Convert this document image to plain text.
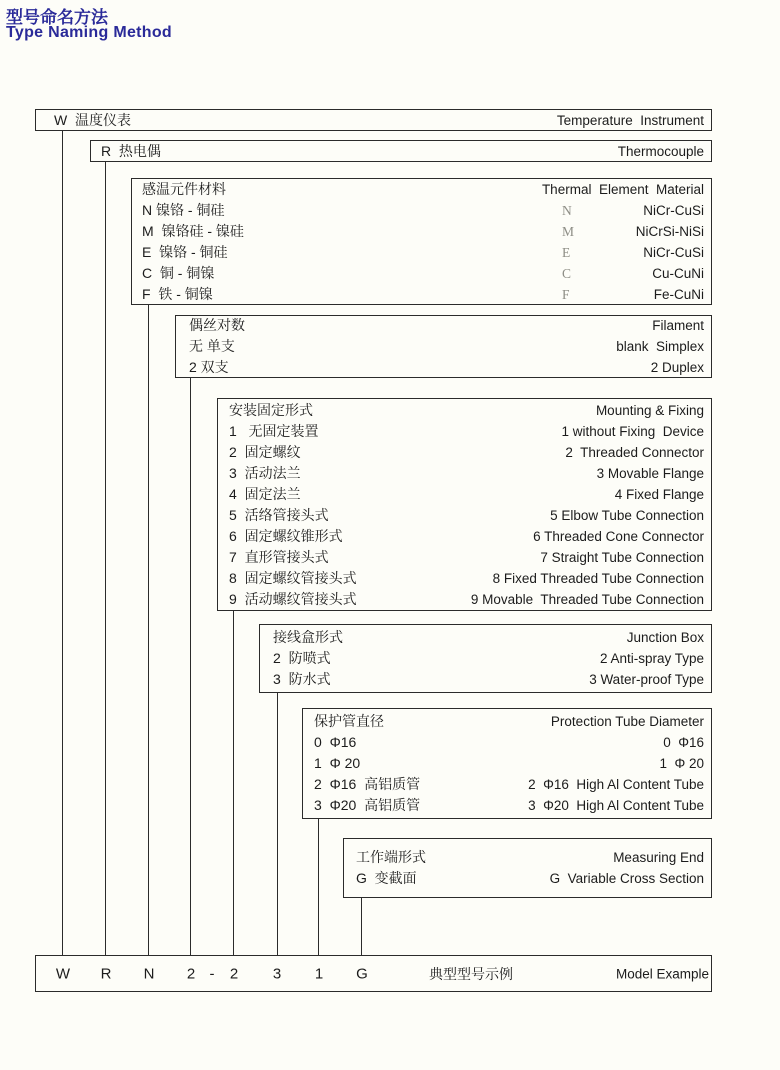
型号命名方法
Type Naming Method
W  温度仪表	Temperature  Instrument
R  热电偶	Thermocouple
感温元件材料	Thermal  Element  Material
N 镍铬 - 铜硅	N	NiCr-CuSi
M  镍铬硅 - 镍硅	M	NiCrSi-NiSi
E  镍铬 - 铜硅	E	NiCr-CuSi
C  铜 - 铜镍	C	Cu-CuNi
F  铁 - 铜镍	F	Fe-CuNi
偶丝对数	Filament
无 单支	blank  Simplex
2 双支	2 Duplex
安装固定形式	Mounting & Fixing
1   无固定装置	1 without Fixing  Device
2  固定螺纹	2  Threaded Connector
3  活动法兰	3 Movable Flange
4  固定法兰	4 Fixed Flange
5  活络管接头式	5 Elbow Tube Connection
6  固定螺纹锥形式	6 Threaded Cone Connector
7  直形管接头式	7 Straight Tube Connection
8  固定螺纹管接头式	8 Fixed Threaded Tube Connection
9  活动螺纹管接头式	9 Movable  Threaded Tube Connection
接线盒形式	Junction Box
2  防喷式	2 Anti-spray Type
3  防水式	3 Water-proof Type
保护管直径	Protection Tube Diameter
0  Φ16	0  Φ16
1  Φ 20	1  Φ 20
2  Φ16  高铝质管	2  Φ16  High Al Content Tube
3  Φ20  高铝质管	3  Φ20  High Al Content Tube
工作端形式	Measuring End
G  变截面	G  Variable Cross Section
W R N 2 - 2 3 1 G	典型型号示例	Model Example
